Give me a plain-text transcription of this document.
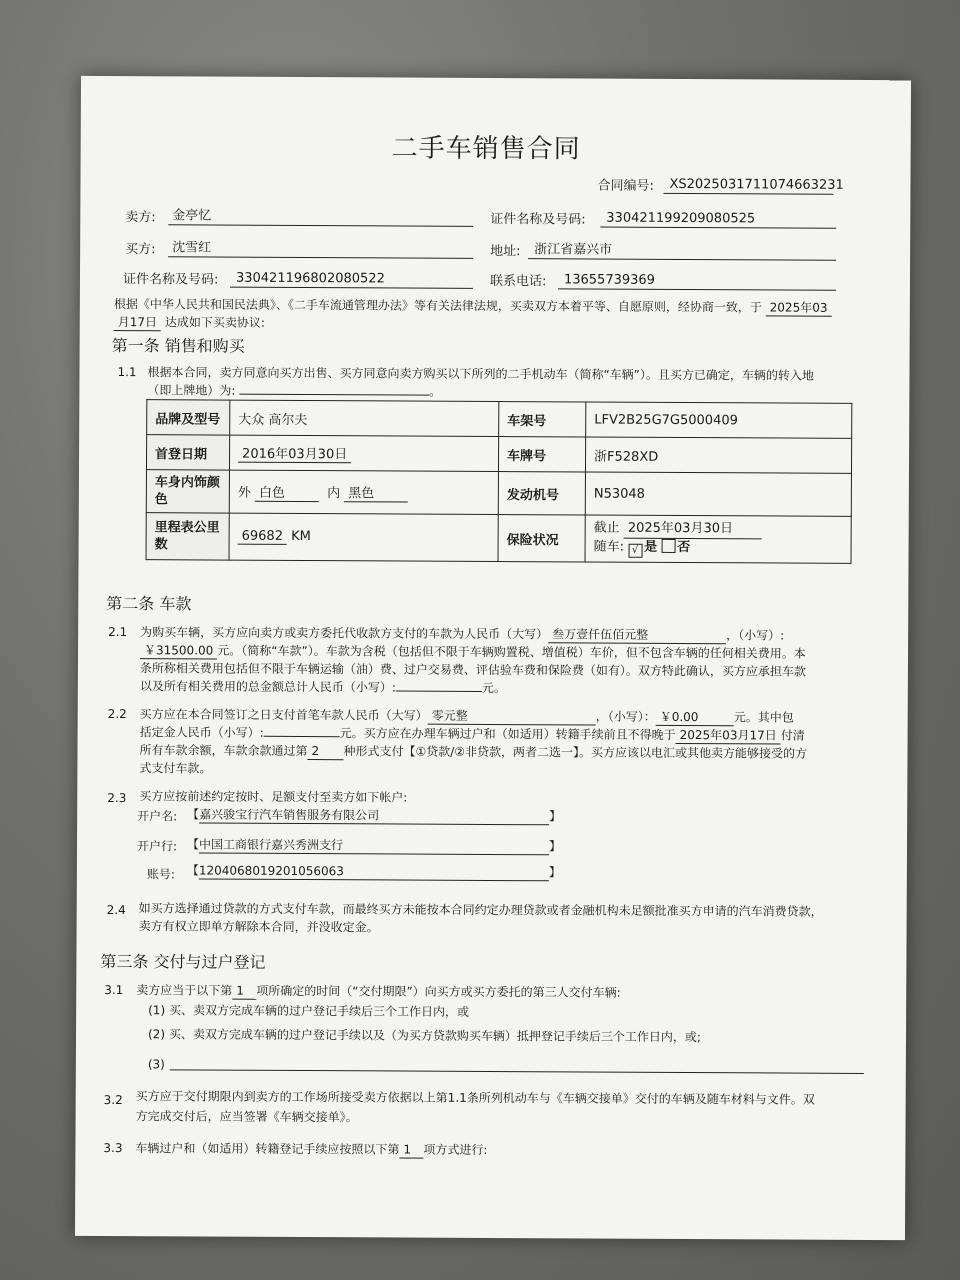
二手车销售合同
合同编号:	XS2025031711074663231
卖方:	金亭忆	证件名称及号码:	330421199209080525
买方:	沈雪红	地址:	浙江省嘉兴市
证件名称及号码:	330421196802080522	联系电话:	13655739369
根据《中华人民共和国民法典》、《二手车流通管理办法》等有关法律法规，买卖双方本着平等、自愿原则，经协商一致，于 2025年03
月17日 达成如下买卖协议:
第一条 销售和购买
1.1 根据本合同，卖方同意向买方出售、买方同意向卖方购买以下所列的二手机动车（简称“车辆”）。且买方已确定，车辆的转入地
（即上牌地）为:	。
品牌及型号	大众 高尔夫	车架号	LFV2B25G7G5000409
首登日期	2016年03月30日	车牌号	浙F528XD
车身内饰颜
色	外 白色 内 黑色	发动机号	N53048
里程表公里
数	69682 KM	保险状况	截止 2025年03月30日
随车: √ 是 否
第二条 车款
2.1 为购买车辆，买方应向卖方或卖方委托代收款方支付的车款为人民币（大写） 叁万壹仟伍佰元整	，（小写）:
￥31500.00 元。（简称“车款”）。车款为含税（包括但不限于车辆购置税、增值税）车价，但不包含车辆的任何相关费用。本
条所称相关费用包括但不限于车辆运输（油）费、过户交易费、评估验车费和保险费（如有）。双方特此确认，买方应承担车款
以及所有相关费用的总金额总计人民币（小写）:	元。
2.2 买方应在本合同签订之日支付首笔车款人民币（大写） 零元整	，（小写）： ￥0.00	元。其中包
括定金人民币（小写）:	元。买方应在办理车辆过户和（如适用）转籍手续前且不得晚于 2025年03月17日 付清
所有车款余额，车款余款通过第 2 种形式支付【①贷款/②非贷款，两者二选一】。买方应该以电汇或其他卖方能够接受的方
式支付车款。
2.3 买方应按前述约定按时、足额支付至卖方如下帐户:
开户名: 【嘉兴骏宝行汽车销售服务有限公司	】
开户行: 【中国工商银行嘉兴秀洲支行	】
账号: 【1204068019201056063	】
2.4 如买方选择通过贷款的方式支付车款，而最终买方未能按本合同约定办理贷款或者金融机构未足额批准买方申请的汽车消费贷款，
卖方有权立即单方解除本合同，并没收定金。
第三条 交付与过户登记
3.1 卖方应当于以下第 1 项所确定的时间（“交付期限”）向买方或买方委托的第三人交付车辆:
(1) 买、卖双方完成车辆的过户登记手续后三个工作日内，或
(2) 买、卖双方完成车辆的过户登记手续以及（为买方贷款购买车辆）抵押登记手续后三个工作日内，或;
(3)
3.2 买方应于交付期限内到卖方的工作场所接受卖方依据以上第1.1条所列机动车与《车辆交接单》交付的车辆及随车材料与文件。双
方完成交付后，应当签署《车辆交接单》。
3.3 车辆过户和（如适用）转籍登记手续应按照以下第 1 项方式进行:
